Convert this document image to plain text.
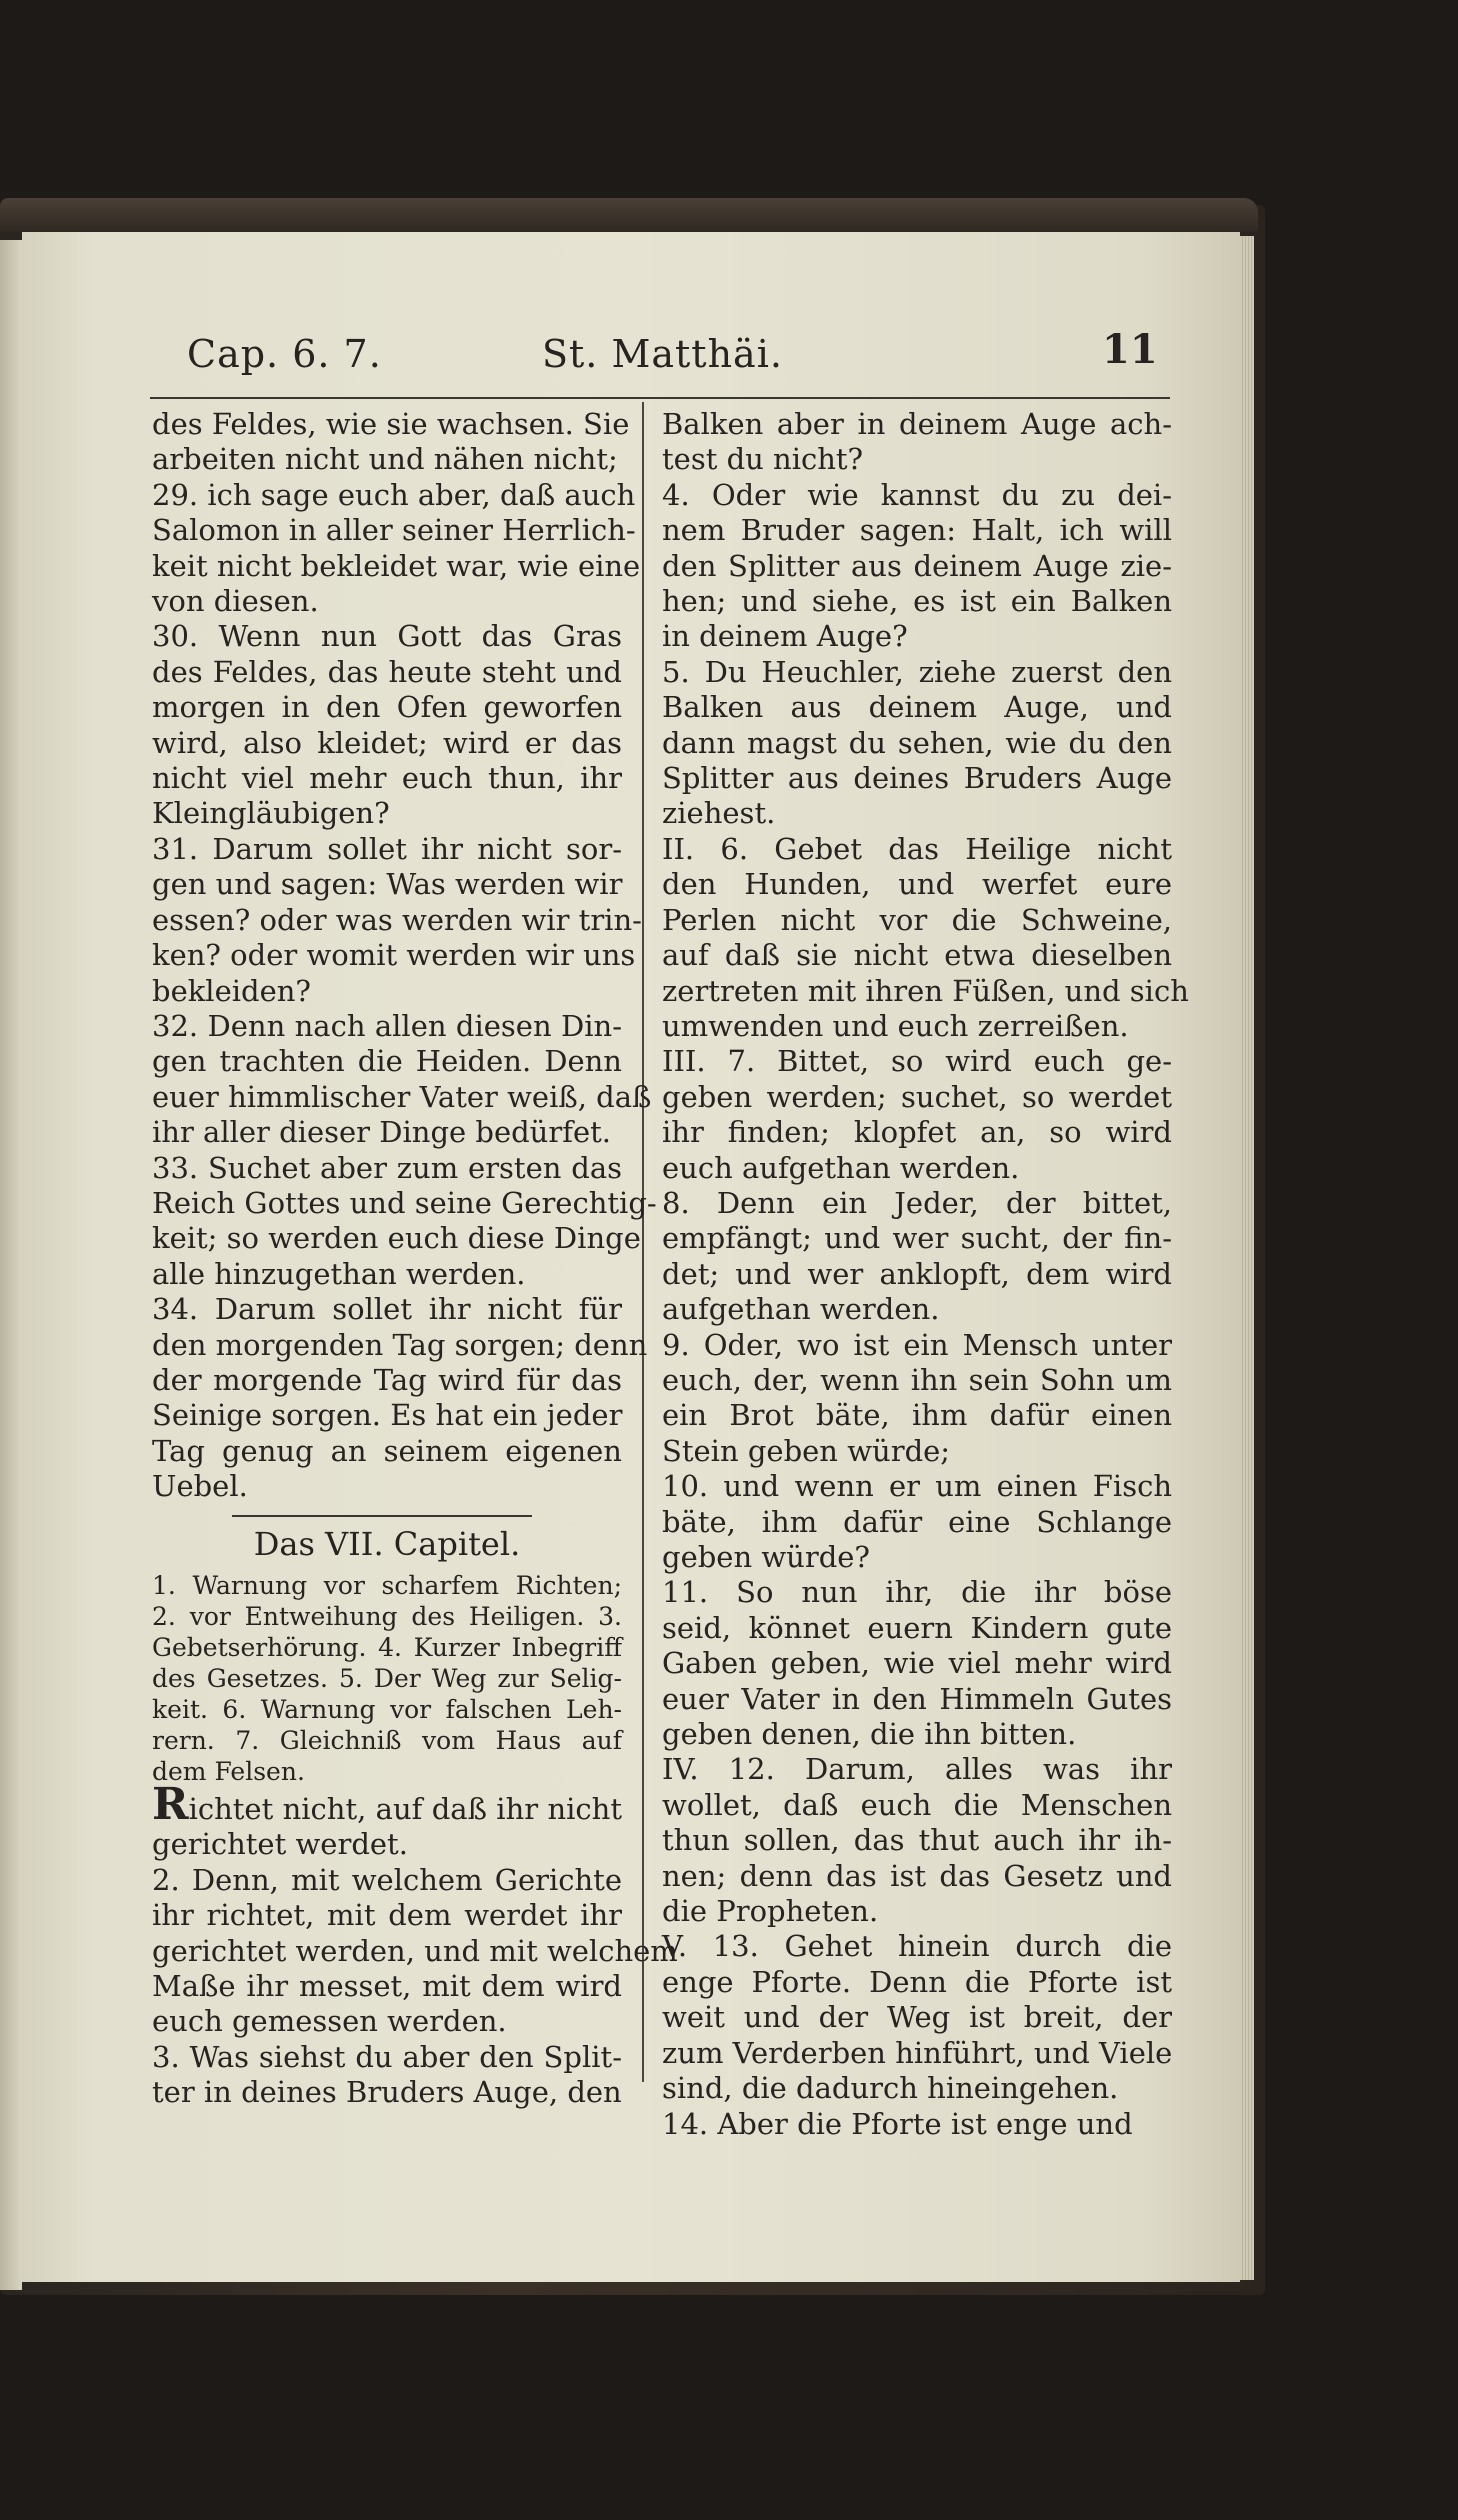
Cap. 6. 7.	St. Matthäi.	11
des Feldes, wie sie wachsen. Sie
arbeiten nicht und nähen nicht;
29. ich sage euch aber, daß auch
Salomon in aller seiner Herrlich-
keit nicht bekleidet war, wie eine
von diesen.
30. Wenn nun Gott das Gras
des Feldes, das heute steht und
morgen in den Ofen geworfen
wird, also kleidet; wird er das
nicht viel mehr euch thun, ihr
Kleingläubigen?
31. Darum sollet ihr nicht sor-
gen und sagen: Was werden wir
essen? oder was werden wir trin-
ken? oder womit werden wir uns
bekleiden?
32. Denn nach allen diesen Din-
gen trachten die Heiden. Denn
euer himmlischer Vater weiß, daß
ihr aller dieser Dinge bedürfet.
33. Suchet aber zum ersten das
Reich Gottes und seine Gerechtig-
keit; so werden euch diese Dinge
alle hinzugethan werden.
34. Darum sollet ihr nicht für
den morgenden Tag sorgen; denn
der morgende Tag wird für das
Seinige sorgen. Es hat ein jeder
Tag genug an seinem eigenen
Uebel.
Das VII. Capitel.
1. Warnung vor scharfem Richten;
2. vor Entweihung des Heiligen. 3.
Gebetserhörung. 4. Kurzer Inbegriff
des Gesetzes. 5. Der Weg zur Selig-
keit. 6. Warnung vor falschen Leh-
rern. 7. Gleichniß vom Haus auf
dem Felsen.
Richtet nicht, auf daß ihr nicht
gerichtet werdet.
2. Denn, mit welchem Gerichte
ihr richtet, mit dem werdet ihr
gerichtet werden, und mit welchem
Maße ihr messet, mit dem wird
euch gemessen werden.
3. Was siehst du aber den Split-
ter in deines Bruders Auge, den
Balken aber in deinem Auge ach-
test du nicht?
4. Oder wie kannst du zu dei-
nem Bruder sagen: Halt, ich will
den Splitter aus deinem Auge zie-
hen; und siehe, es ist ein Balken
in deinem Auge?
5. Du Heuchler, ziehe zuerst den
Balken aus deinem Auge, und
dann magst du sehen, wie du den
Splitter aus deines Bruders Auge
ziehest.
II. 6. Gebet das Heilige nicht
den Hunden, und werfet eure
Perlen nicht vor die Schweine,
auf daß sie nicht etwa dieselben
zertreten mit ihren Füßen, und sich
umwenden und euch zerreißen.
III. 7. Bittet, so wird euch ge-
geben werden; suchet, so werdet
ihr finden; klopfet an, so wird
euch aufgethan werden.
8. Denn ein Jeder, der bittet,
empfängt; und wer sucht, der fin-
det; und wer anklopft, dem wird
aufgethan werden.
9. Oder, wo ist ein Mensch unter
euch, der, wenn ihn sein Sohn um
ein Brot bäte, ihm dafür einen
Stein geben würde;
10. und wenn er um einen Fisch
bäte, ihm dafür eine Schlange
geben würde?
11. So nun ihr, die ihr böse
seid, könnet euern Kindern gute
Gaben geben, wie viel mehr wird
euer Vater in den Himmeln Gutes
geben denen, die ihn bitten.
IV. 12. Darum, alles was ihr
wollet, daß euch die Menschen
thun sollen, das thut auch ihr ih-
nen; denn das ist das Gesetz und
die Propheten.
V. 13. Gehet hinein durch die
enge Pforte. Denn die Pforte ist
weit und der Weg ist breit, der
zum Verderben hinführt, und Viele
sind, die dadurch hineingehen.
14. Aber die Pforte ist enge und
